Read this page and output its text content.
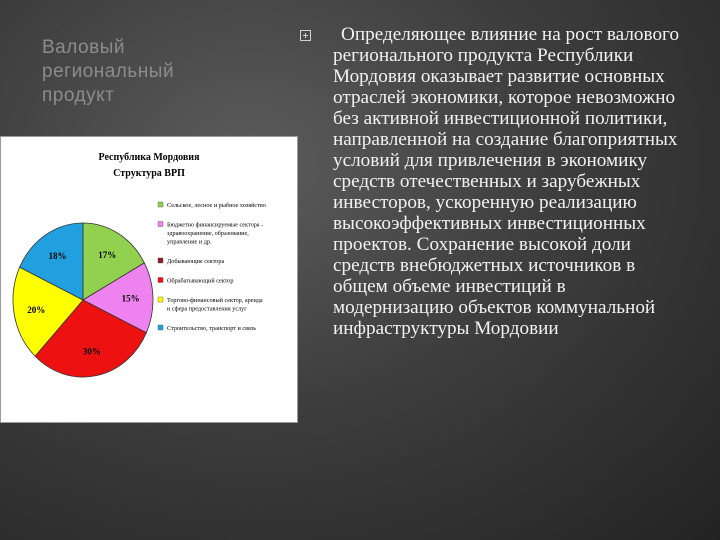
Валовый региональный продукт
Республика Мордовия
Структура ВРП
17%
15%
30%
20%
18%
Сельское, лесное и рыбное хозяйство
Бюджетно финансируемые сектора -
здравоохранение, образование,
управление и др.
Добывающие сектора
Обрабатывающий сектор
Торгово-финансовый сектор, аренда
и сфера предоставления услуг
Строительство, транспорт и связь
Определяющее влияние на рост валового регионального продукта Республики Мордовия оказывает развитие основных отраслей экономики, которое невозможно без активной инвестиционной политики, направленной на создание благоприятных условий для привлечения в экономику средств отечественных и зарубежных инвесторов, ускоренную реализацию высокоэффективных инвестиционных проектов. Сохранение высокой доли средств внебюджетных источников в общем объеме инвестиций в модернизацию объектов коммунальной инфраструктуры Мордовии
